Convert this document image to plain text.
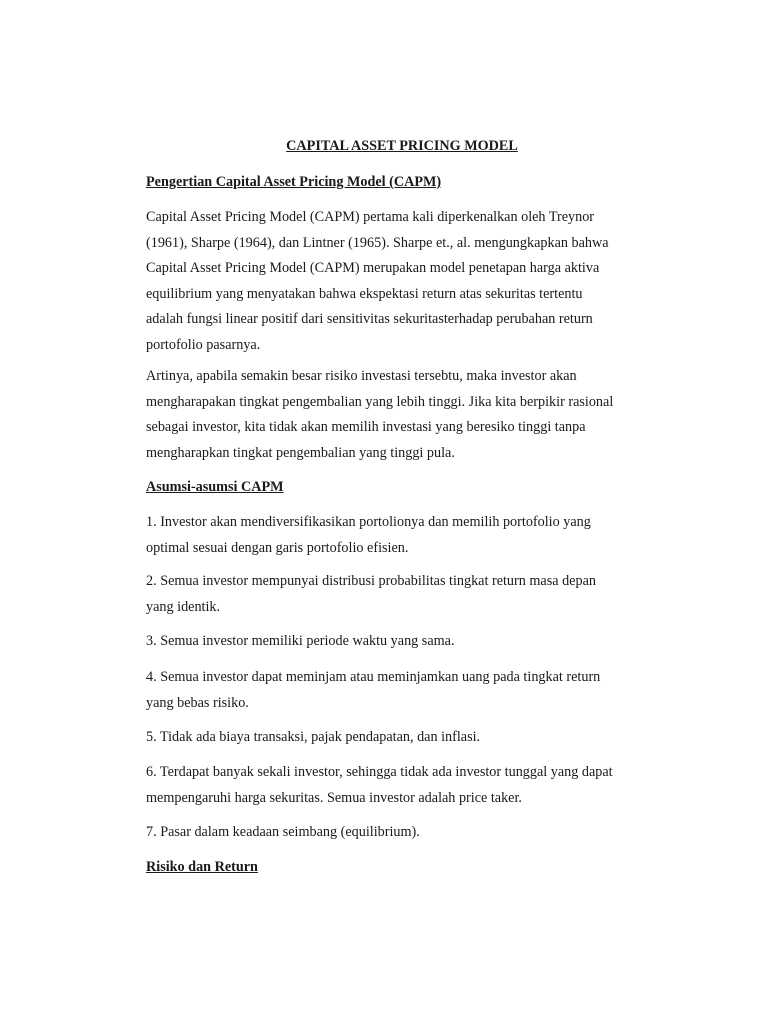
CAPITAL ASSET PRICING MODEL
Pengertian Capital Asset Pricing Model (CAPM)
Capital Asset Pricing Model (CAPM) pertama kali diperkenalkan oleh Treynor
(1961), Sharpe (1964), dan Lintner (1965). Sharpe et., al. mengungkapkan bahwa
Capital Asset Pricing Model (CAPM) merupakan model penetapan harga aktiva
equilibrium yang menyatakan bahwa ekspektasi return atas sekuritas tertentu
adalah fungsi linear positif dari sensitivitas sekuritasterhadap perubahan return
portofolio pasarnya.
Artinya, apabila semakin besar risiko investasi tersebtu, maka investor akan
mengharapakan tingkat pengembalian yang lebih tinggi. Jika kita berpikir rasional
sebagai investor, kita tidak akan memilih investasi yang beresiko tinggi tanpa
mengharapkan tingkat pengembalian yang tinggi pula.
Asumsi-asumsi CAPM
1. Investor akan mendiversifikasikan portolionya dan memilih portofolio yang
optimal sesuai dengan garis portofolio efisien.
2. Semua investor mempunyai distribusi probabilitas tingkat return masa depan
yang identik.
3. Semua investor memiliki periode waktu yang sama.
4. Semua investor dapat meminjam atau meminjamkan uang pada tingkat return
yang bebas risiko.
5. Tidak ada biaya transaksi, pajak pendapatan, dan inflasi.
6. Terdapat banyak sekali investor, sehingga tidak ada investor tunggal yang dapat
mempengaruhi harga sekuritas. Semua investor adalah price taker.
7. Pasar dalam keadaan seimbang (equilibrium).
Risiko dan Return
